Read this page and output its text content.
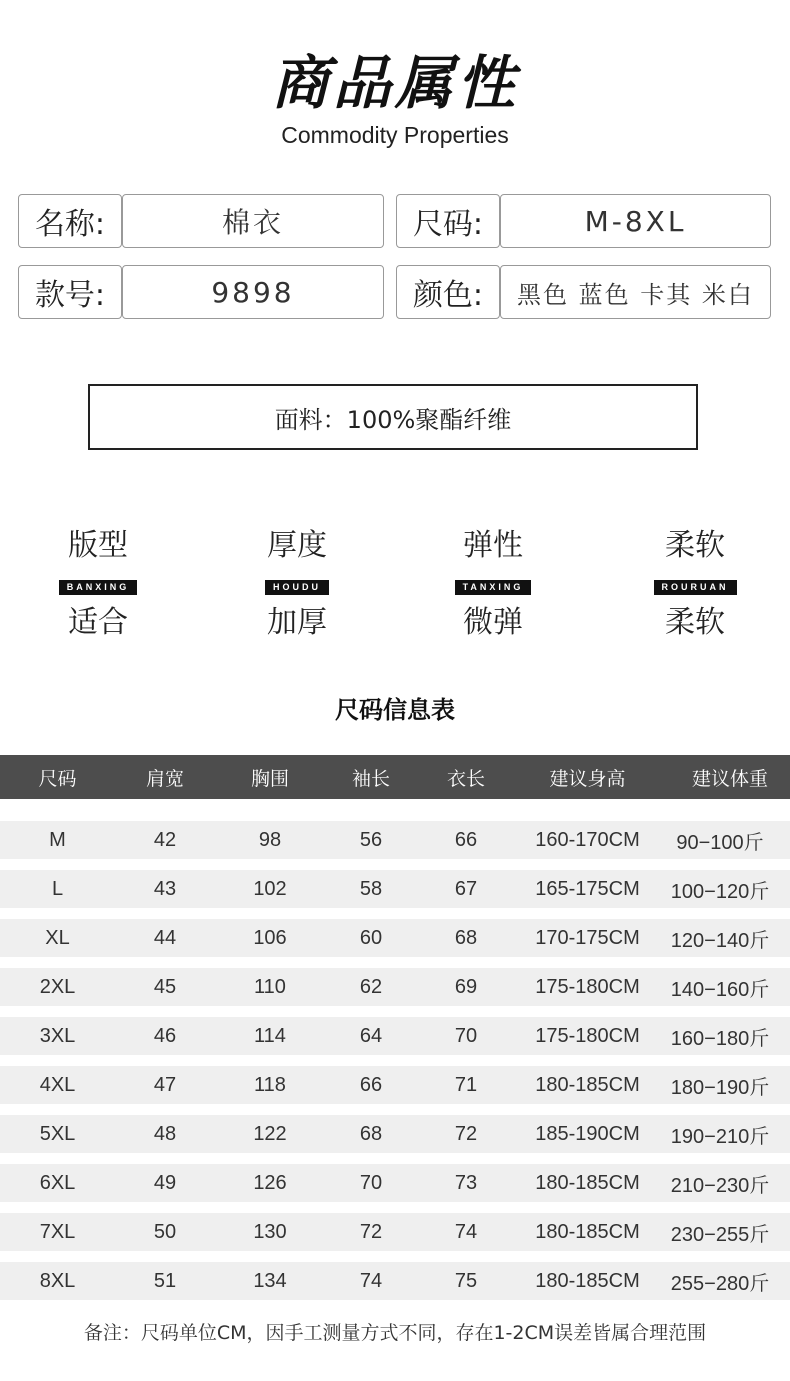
商品属性
Commodity Properties
名称:	棉衣	尺码:	M-8XL
款号:	9898	颜色: 黑色 蓝色 卡其 米白
面料：100%聚酯纤维
版型
BANXING
适合
厚度
HOUDU
加厚
弹性
TANXING
微弹
柔软
ROURUAN
柔软
尺码信息表
尺码	肩宽	胸围	袖长	衣长	建议身高	建议体重
M	42	98	56	66	160-170CM	90−100斤
L	43	102	58	67	165-175CM	100−120斤
XL	44	106	60	68	170-175CM	120−140斤
2XL	45	110	62	69	175-180CM	140−160斤
3XL	46	114	64	70	175-180CM	160−180斤
4XL	47	118	66	71	180-185CM	180−190斤
5XL	48	122	68	72	185-190CM	190−210斤
6XL	49	126	70	73	180-185CM	210−230斤
7XL	50	130	72	74	180-185CM	230−255斤
8XL	51	134	74	75	180-185CM	255−280斤
备注：尺码单位CM，因手工测量方式不同，存在1-2CM误差皆属合理范围
